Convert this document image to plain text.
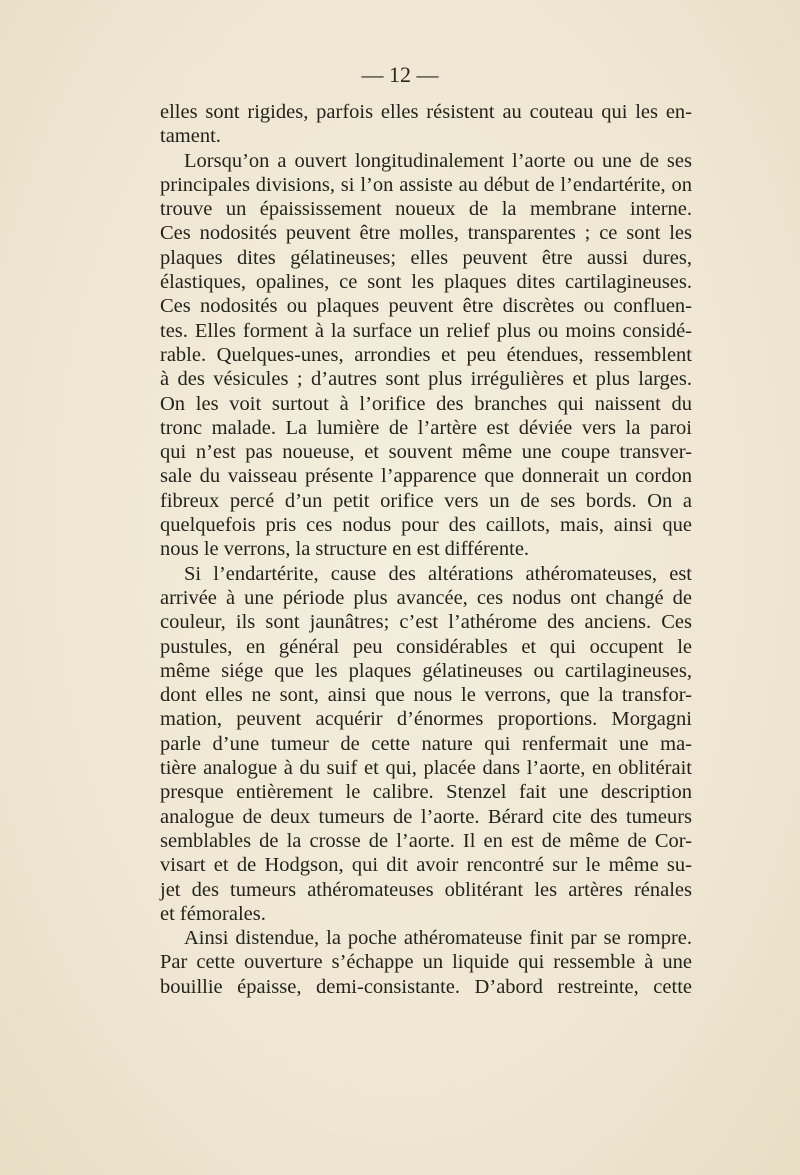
— 12 —
elles sont rigides, parfois elles résistent au couteau qui les en-
tament.
Lorsqu’on a ouvert longitudinalement l’aorte ou une de ses
principales divisions, si l’on assiste au début de l’endartérite, on
trouve un épaississement noueux de la membrane interne.
Ces nodosités peuvent être molles, transparentes ; ce sont les
plaques dites gélatineuses; elles peuvent être aussi dures,
élastiques, opalines, ce sont les plaques dites cartilagineuses.
Ces nodosités ou plaques peuvent être discrètes ou confluen-
tes. Elles forment à la surface un relief plus ou moins considé-
rable. Quelques-unes, arrondies et peu étendues, ressemblent
à des vésicules ; d’autres sont plus irrégulières et plus larges.
On les voit surtout à l’orifice des branches qui naissent du
tronc malade. La lumière de l’artère est déviée vers la paroi
qui n’est pas noueuse, et souvent même une coupe transver-
sale du vaisseau présente l’apparence que donnerait un cordon
fibreux percé d’un petit orifice vers un de ses bords. On a
quelquefois pris ces nodus pour des caillots, mais, ainsi que
nous le verrons, la structure en est différente.
Si l’endartérite, cause des altérations athéromateuses, est
arrivée à une période plus avancée, ces nodus ont changé de
couleur, ils sont jaunâtres; c’est l’athérome des anciens. Ces
pustules, en général peu considérables et qui occupent le
même siége que les plaques gélatineuses ou cartilagineuses,
dont elles ne sont, ainsi que nous le verrons, que la transfor-
mation, peuvent acquérir d’énormes proportions. Morgagni
parle d’une tumeur de cette nature qui renfermait une ma-
tière analogue à du suif et qui, placée dans l’aorte, en oblitérait
presque entièrement le calibre. Stenzel fait une description
analogue de deux tumeurs de l’aorte. Bérard cite des tumeurs
semblables de la crosse de l’aorte. Il en est de même de Cor-
visart et de Hodgson, qui dit avoir rencontré sur le même su-
jet des tumeurs athéromateuses oblitérant les artères rénales
et fémorales.
Ainsi distendue, la poche athéromateuse finit par se rompre.
Par cette ouverture s’échappe un liquide qui ressemble à une
bouillie épaisse, demi-consistante. D’abord restreinte, cette
